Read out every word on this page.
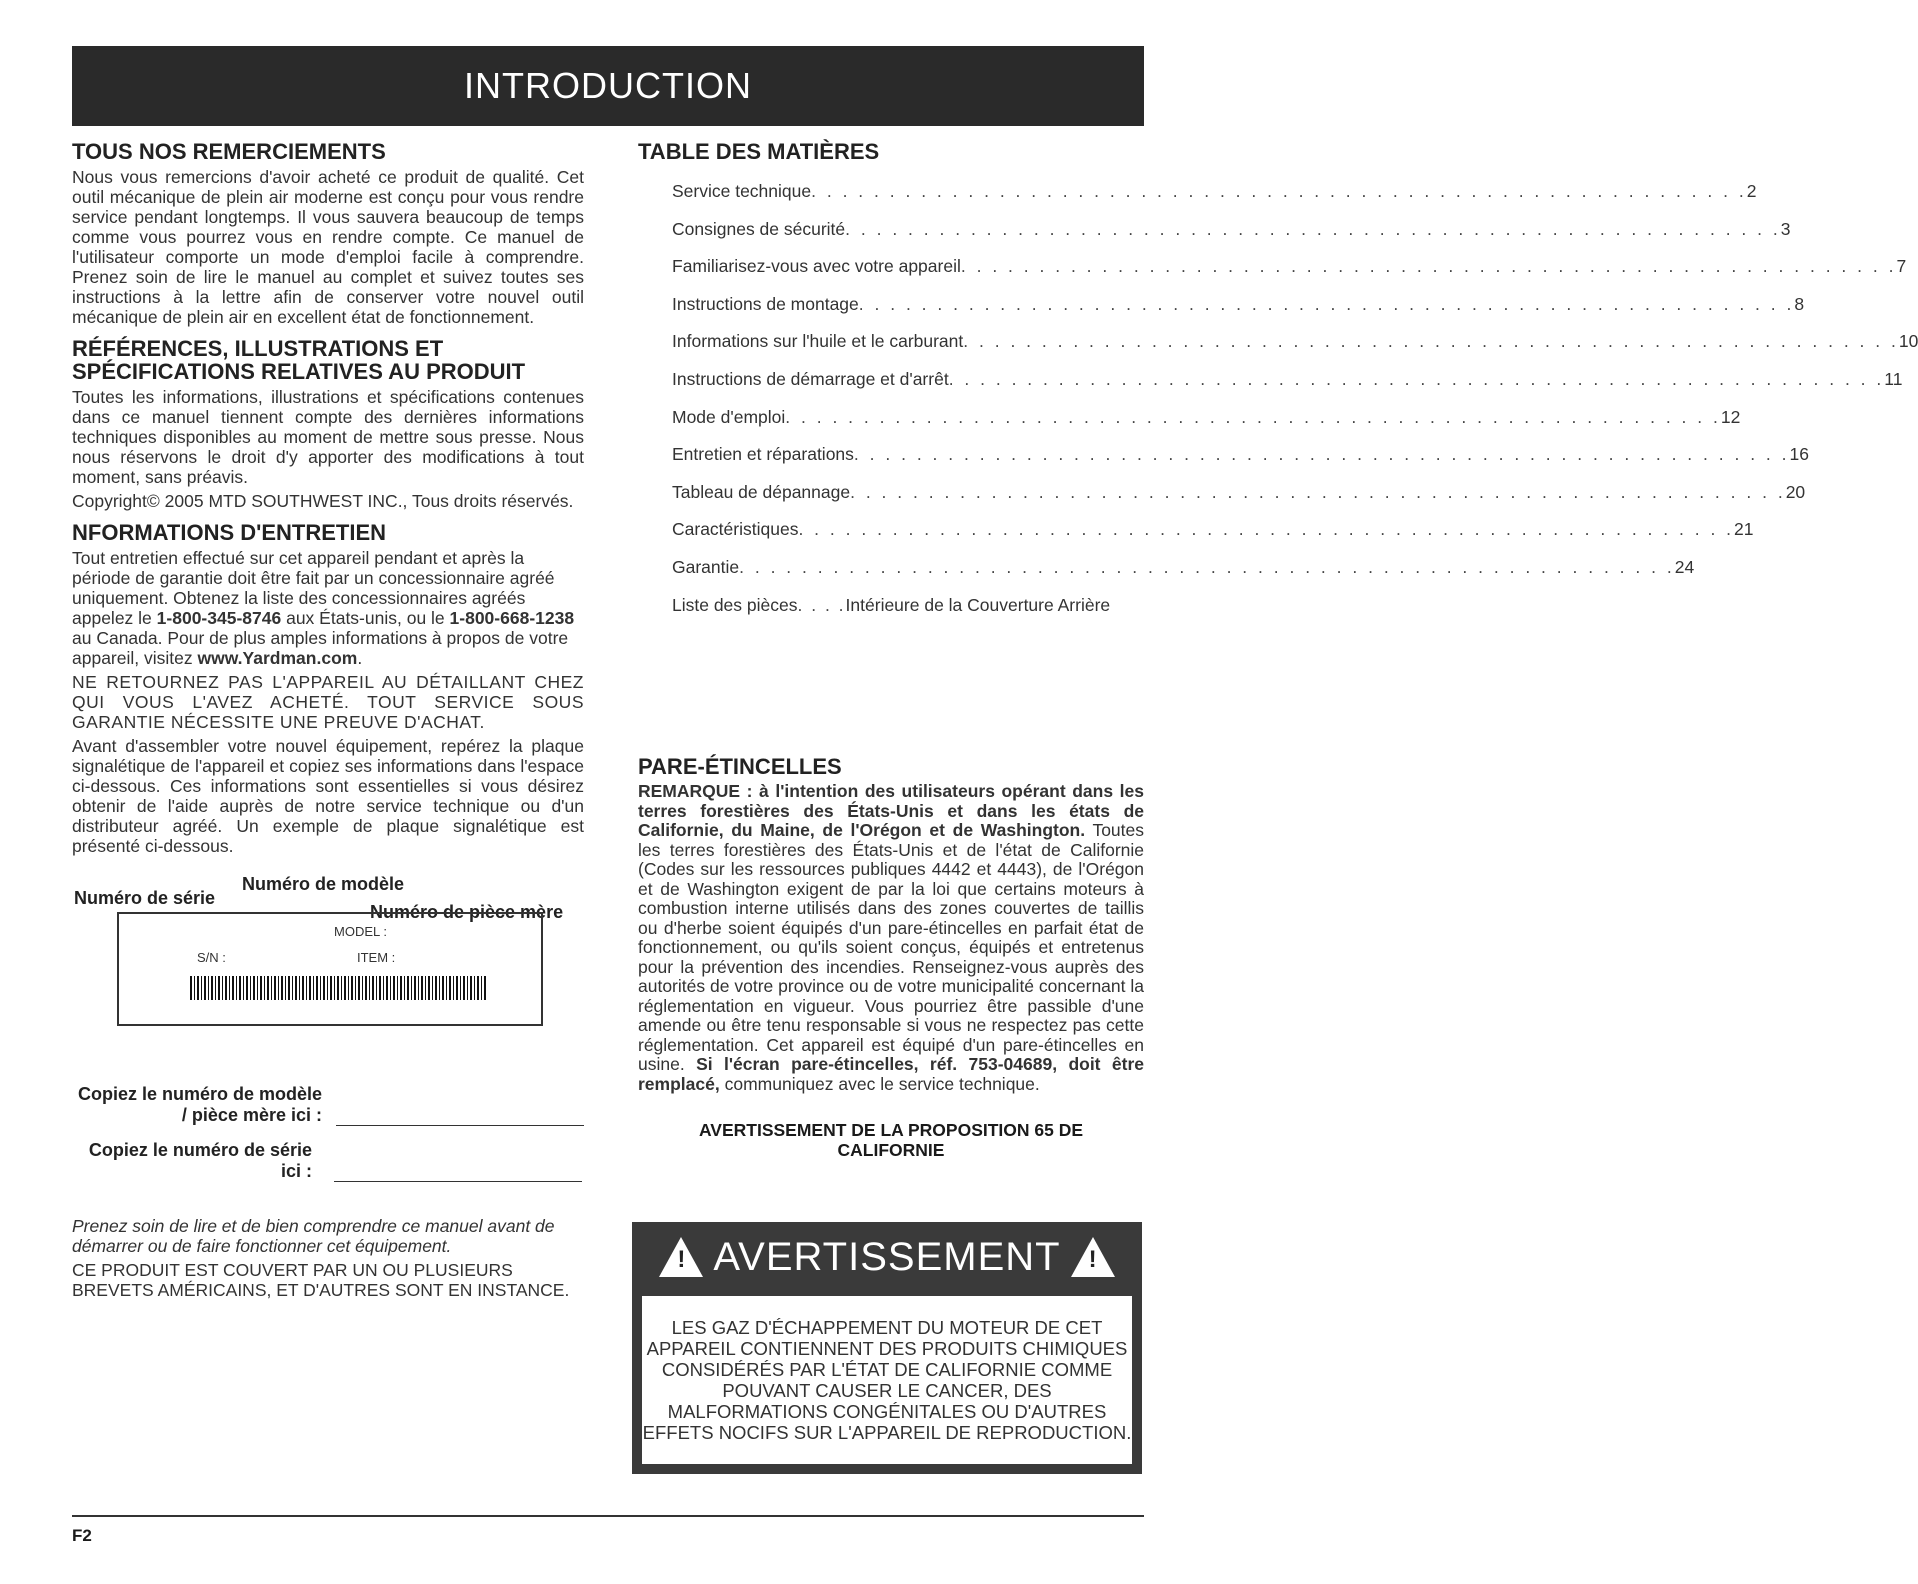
INTRODUCTION
TOUS NOS REMERCIEMENTS

Nous vous remercions d'avoir acheté ce produit de qualité. Cet outil mécanique de plein air moderne est conçu pour vous rendre service pendant longtemps. Il vous sauvera beaucoup de temps comme vous pourrez vous en rendre compte. Ce manuel de l'utilisateur comporte un mode d'emploi facile à comprendre. Prenez soin de lire le manuel au complet et suivez toutes ses instructions à la lettre afin de conserver votre nouvel outil mécanique de plein air en excellent état de fonctionnement.

RÉFÉRENCES, ILLUSTRATIONS ET SPÉCIFICATIONS RELATIVES AU PRODUIT

Toutes les informations, illustrations et spécifications contenues dans ce manuel tiennent compte des dernières informations techniques disponibles au moment de mettre sous presse. Nous nous réservons le droit d'y apporter des modifications à tout moment, sans préavis.

Copyright© 2005 MTD SOUTHWEST INC., Tous droits réservés.

NFORMATIONS D'ENTRETIEN

Tout entretien effectué sur cet appareil pendant et après la période de garantie doit être fait par un concessionnaire agréé uniquement. Obtenez la liste des concessionnaires agréés appelez le 1-800-345-8746 aux États-unis, ou le 1-800-668-1238 au Canada. Pour de plus amples informations à propos de votre appareil, visitez www.Yardman.com.

NE RETOURNEZ PAS L'APPAREIL AU DÉTAILLANT CHEZ QUI VOUS L'AVEZ ACHETÉ. TOUT SERVICE SOUS GARANTIE NÉCESSITE UNE PREUVE D'ACHAT.

Avant d'assembler votre nouvel équipement, repérez la plaque signalétique de l'appareil et copiez ses informations dans l'espace ci-dessous. Ces informations sont essentielles si vous désirez obtenir de l'aide auprès de notre service technique ou d'un distributeur agréé. Un exemple de plaque signalétique est présenté ci-dessous.

Numéro de série
Numéro de modèle
Numéro de pièce mère
MODEL :
S/N :	ITEM :
Copiez le numéro de modèle / pièce mère ici :
Copiez le numéro de série ici :

Prenez soin de lire et de bien comprendre ce manuel avant de démarrer ou de faire fonctionner cet équipement.

CE PRODUIT EST COUVERT PAR UN OU PLUSIEURS BREVETS AMÉRICAINS, ET D'AUTRES SONT EN INSTANCE.

TABLE DES MATIÈRES
Service technique . . . . . . . . . . . . . . . . . . . . . . . . . . . . . . . . . . . . . . . . . . . . . . . . . . . . . . . . . . . . 2
Consignes de sécurité . . . . . . . . . . . . . . . . . . . . . . . . . . . . . . . . . . . . . . . . . . . . . . . . . . . . . . . . . . . . 3
Familiarisez-vous avec votre appareil . . . . . . . . . . . . . . . . . . . . . . . . . . . . . . . . . . . . . . . . . . . . . . . . . . . . . . . . . . . . 7
Instructions de montage . . . . . . . . . . . . . . . . . . . . . . . . . . . . . . . . . . . . . . . . . . . . . . . . . . . . . . . . . . . . 8
Informations sur l'huile et le carburant . . . . . . . . . . . . . . . . . . . . . . . . . . . . . . . . . . . . . . . . . . . . . . . . . . . . . . . . . . . . 10
Instructions de démarrage et d'arrêt . . . . . . . . . . . . . . . . . . . . . . . . . . . . . . . . . . . . . . . . . . . . . . . . . . . . . . . . . . . . 11
Mode d'emploi . . . . . . . . . . . . . . . . . . . . . . . . . . . . . . . . . . . . . . . . . . . . . . . . . . . . . . . . . . . . 12
Entretien et réparations . . . . . . . . . . . . . . . . . . . . . . . . . . . . . . . . . . . . . . . . . . . . . . . . . . . . . . . . . . . . 16
Tableau de dépannage . . . . . . . . . . . . . . . . . . . . . . . . . . . . . . . . . . . . . . . . . . . . . . . . . . . . . . . . . . . . 20
Caractéristiques . . . . . . . . . . . . . . . . . . . . . . . . . . . . . . . . . . . . . . . . . . . . . . . . . . . . . . . . . . . . 21
Garantie . . . . . . . . . . . . . . . . . . . . . . . . . . . . . . . . . . . . . . . . . . . . . . . . . . . . . . . . . . . . 24
Liste des pièces . . . . Intérieure de la Couverture Arrière
PARE-ÉTINCELLES

REMARQUE : à l'intention des utilisateurs opérant dans les terres forestières des États-Unis et dans les états de Californie, du Maine, de l'Orégon et de Washington. Toutes les terres forestières des États-Unis et de l'état de Californie (Codes sur les ressources publiques 4442 et 4443), de l'Orégon et de Washington exigent de par la loi que certains moteurs à combustion interne utilisés dans des zones couvertes de taillis ou d'herbe soient équipés d'un pare-étincelles en parfait état de fonctionnement, ou qu'ils soient conçus, équipés et entretenus pour la prévention des incendies. Renseignez-vous auprès des autorités de votre province ou de votre municipalité concernant la réglementation en vigueur. Vous pourriez être passible d'une amende ou être tenu responsable si vous ne respectez pas cette réglementation. Cet appareil est équipé d'un pare-étincelles en usine. Si l'écran pare-étincelles, réf. 753-04689, doit être remplacé, communiquez avec le service technique.

AVERTISSEMENT DE LA PROPOSITION 65 DE CALIFORNIE
! AVERTISSEMENT !
LES GAZ D'ÉCHAPPEMENT DU MOTEUR DE CET APPAREIL CONTIENNENT DES PRODUITS CHIMIQUES CONSIDÉRÉS PAR L'ÉTAT DE CALIFORNIE COMME POUVANT CAUSER LE CANCER, DES MALFORMATIONS CONGÉNITALES OU D'AUTRES EFFETS NOCIFS SUR L'APPAREIL DE REPRODUCTION.
F2
